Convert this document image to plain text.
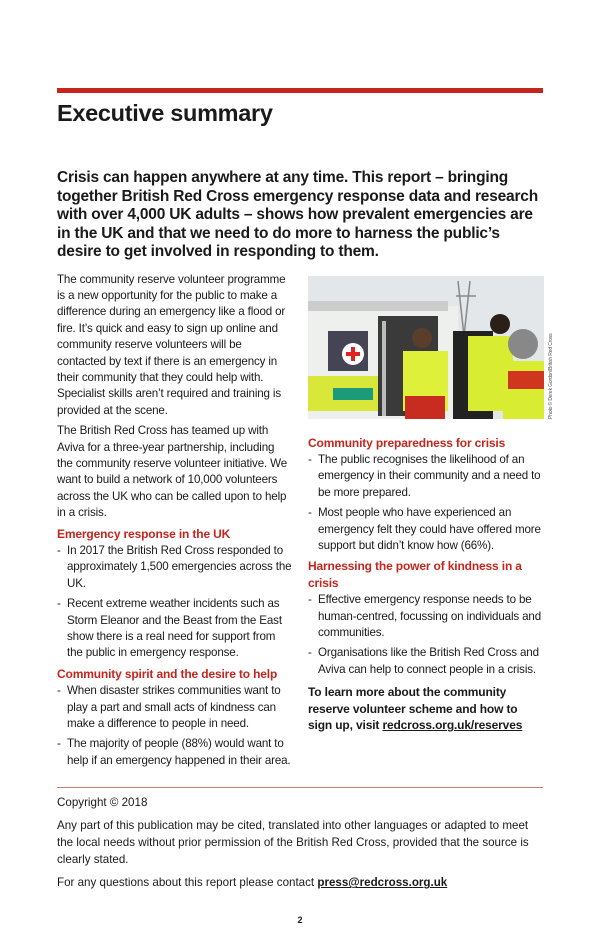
Executive summary

Crisis can happen anywhere at any time. This report – bringing together British Red Cross emergency response data and research with over 4,000 UK adults – shows how prevalent emergencies are in the UK and that we need to do more to harness the public’s desire to get involved in responding to them.

The community reserve volunteer programme is a new opportunity for the public to make a difference during an emergency like a flood or fire. It’s quick and easy to sign up online and community reserve volunteers will be contacted by text if there is an emergency in their community that they could help with. Specialist skills aren’t required and training is provided at the scene.

The British Red Cross has teamed up with Aviva for a three-year partnership, including the community reserve volunteer initiative. We want to build a network of 10,000 volunteers across the UK who can be called upon to help in a crisis.

Emergency response in the UK
- In 2017 the British Red Cross responded to approximately 1,500 emergencies across the UK.
- Recent extreme weather incidents such as Storm Eleanor and the Beast from the East show there is a real need for support from the public in emergency response.
Community spirit and the desire to help
- When disaster strikes communities want to play a part and small acts of kindness can make a difference to people in need.
- The majority of people (88%) would want to help if an emergency happened in their area.
Photo © Derek Gordon/British Red Cross
Community preparedness for crisis
- The public recognises the likelihood of an emergency in their community and a need to be more prepared.
- Most people who have experienced an emergency felt they could have offered more support but didn’t know how (66%).
Harnessing the power of kindness in a crisis
- Effective emergency response needs to be human-centred, focussing on individuals and communities.
- Organisations like the British Red Cross and Aviva can help to connect people in a crisis.

To learn more about the community reserve volunteer scheme and how to sign up, visit redcross.org.uk/reserves

Copyright © 2018
Any part of this publication may be cited, translated into other languages or adapted to meet the local needs without prior permission of the British Red Cross, provided that the source is clearly stated.
For any questions about this report please contact press@redcross.org.uk
2
